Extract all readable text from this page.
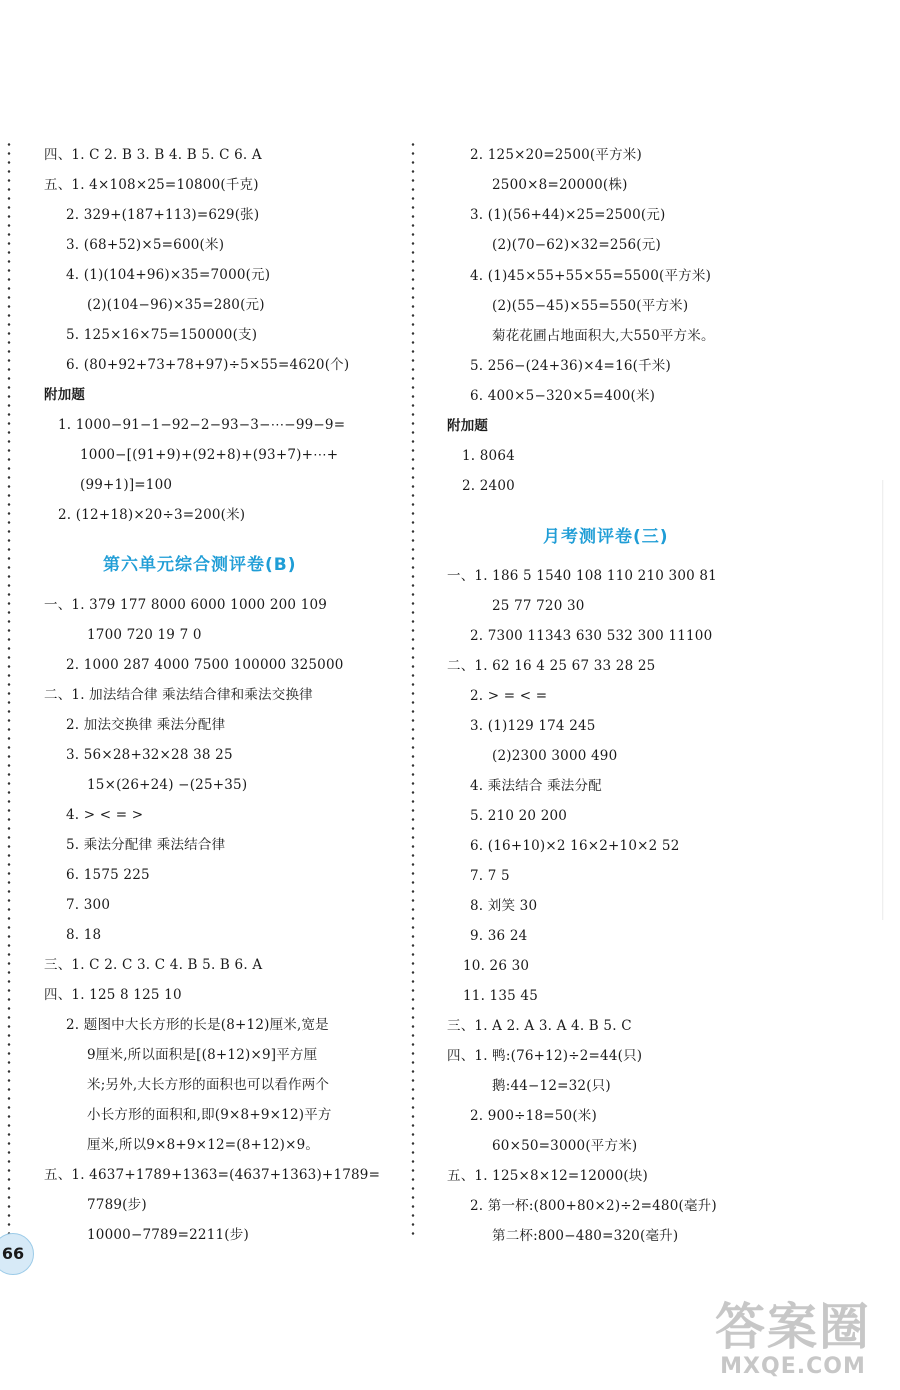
四、1. C 2. B 3. B 4. B 5. C 6. A
五、1. 4×108×25=10800(千克)
2. 329+(187+113)=629(张)
3. (68+52)×5=600(米)
4. (1)(104+96)×35=7000(元)
(2)(104−96)×35=280(元)
5. 125×16×75=150000(支)
6. (80+92+73+78+97)÷5×55=4620(个)
附加题
1. 1000−91−1−92−2−93−3−⋯−99−9=
1000−[(91+9)+(92+8)+(93+7)+⋯+
(99+1)]=100
2. (12+18)×20÷3=200(米)
第六单元综合测评卷(B)
一、1. 379 177 8000 6000 1000 200 109
1700 720 19 7 0
2. 1000 287 4000 7500 100000 325000
二、1. 加法结合律 乘法结合律和乘法交换律
2. 加法交换律 乘法分配律
3. 56×28+32×28 38 25
15×(26+24) −(25+35)
4. > < = >
5. 乘法分配律 乘法结合律
6. 1575 225
7. 300
8. 18
三、1. C 2. C 3. C 4. B 5. B 6. A
四、1. 125 8 125 10
2. 题图中大长方形的长是(8+12)厘米,宽是
9厘米,所以面积是[(8+12)×9]平方厘
米;另外,大长方形的面积也可以看作两个
小长方形的面积和,即(9×8+9×12)平方
厘米,所以9×8+9×12=(8+12)×9。
五、1. 4637+1789+1363=(4637+1363)+1789=
7789(步)
10000−7789=2211(步)
2. 125×20=2500(平方米)
2500×8=20000(株)
3. (1)(56+44)×25=2500(元)
(2)(70−62)×32=256(元)
4. (1)45×55+55×55=5500(平方米)
(2)(55−45)×55=550(平方米)
菊花花圃占地面积大,大550平方米。
5. 256−(24+36)×4=16(千米)
6. 400×5−320×5=400(米)
附加题
1. 8064
2. 2400
月考测评卷(三)
一、1. 186 5 1540 108 110 210 300 81
25 77 720 30
2. 7300 11343 630 532 300 11100
二、1. 62 16 4 25 67 33 28 25
2. > = < =
3. (1)129 174 245
(2)2300 3000 490
4. 乘法结合 乘法分配
5. 210 20 200
6. (16+10)×2 16×2+10×2 52
7. 7 5
8. 刘笑 30
9. 36 24
10. 26 30
11. 135 45
三、1. A 2. A 3. A 4. B 5. C
四、1. 鸭:(76+12)÷2=44(只)
鹅:44−12=32(只)
2. 900÷18=50(米)
60×50=3000(平方米)
五、1. 125×8×12=12000(块)
2. 第一杯:(800+80×2)÷2=480(毫升)
第二杯:800−480=320(毫升)
66
答案圈
MXQE.COM
